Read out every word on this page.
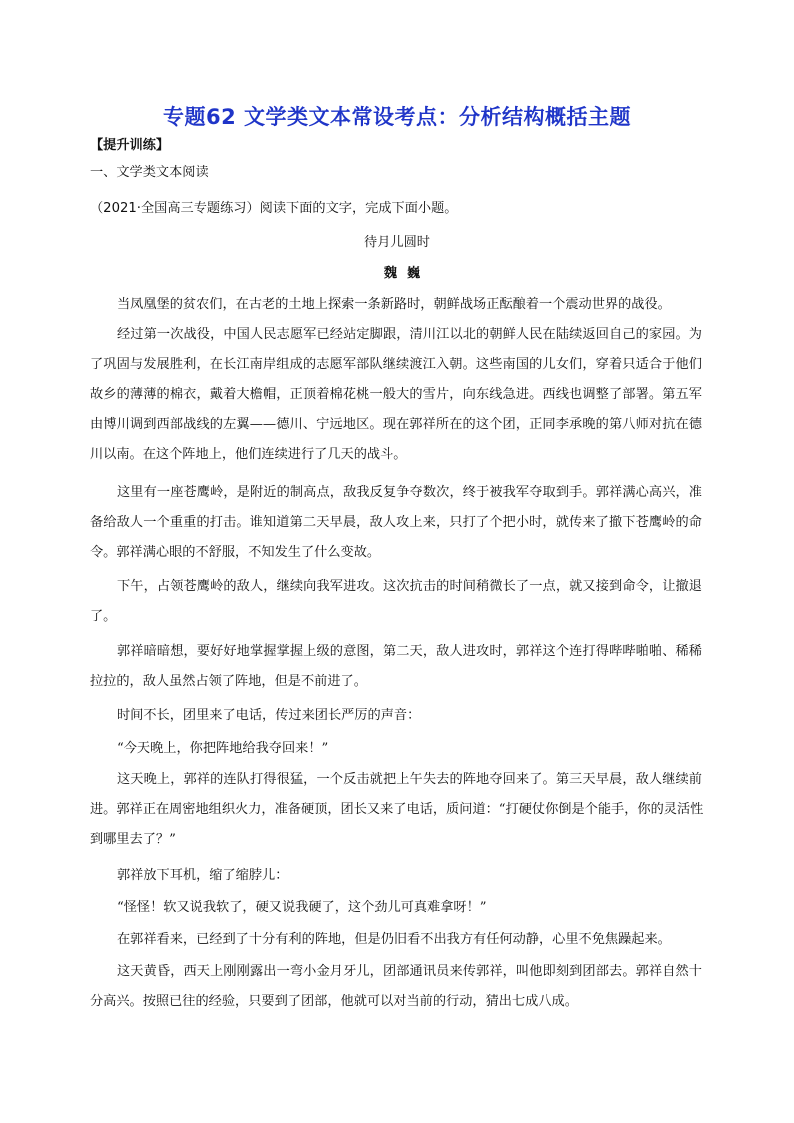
专题62 文学类文本常设考点：分析结构概括主题
【提升训练】
一、文学类文本阅读
（2021·全国高三专题练习）阅读下面的文字，完成下面小题。
待月儿圆时
魏巍
当凤凰堡的贫农们，在古老的土地上探索一条新路时，朝鲜战场正酝酿着一个震动世界的战役。
经过第一次战役，中国人民志愿军已经站定脚跟，清川江以北的朝鲜人民在陆续返回自己的家园。为
了巩固与发展胜利，在长江南岸组成的志愿军部队继续渡江入朝。这些南国的儿女们，穿着只适合于他们
故乡的薄薄的棉衣，戴着大檐帽，正顶着棉花桃一般大的雪片，向东线急进。西线也调整了部署。第五军
由博川调到西部战线的左翼——德川、宁远地区。现在郭祥所在的这个团，正同李承晚的第八师对抗在德
川以南。在这个阵地上，他们连续进行了几天的战斗。
这里有一座苍鹰岭，是附近的制高点，敌我反复争夺数次，终于被我军夺取到手。郭祥满心高兴，准
备给敌人一个重重的打击。谁知道第二天早晨，敌人攻上来，只打了个把小时，就传来了撤下苍鹰岭的命
令。郭祥满心眼的不舒服，不知发生了什么变故。
下午，占领苍鹰岭的敌人，继续向我军进攻。这次抗击的时间稍微长了一点，就又接到命令，让撤退
了。
郭祥暗暗想，要好好地掌握掌握上级的意图，第二天，敌人进攻时，郭祥这个连打得哔哔啪啪、稀稀
拉拉的，敌人虽然占领了阵地，但是不前进了。
时间不长，团里来了电话，传过来团长严厉的声音：
“今天晚上，你把阵地给我夺回来！”
这天晚上，郭祥的连队打得很猛，一个反击就把上午失去的阵地夺回来了。第三天早晨，敌人继续前
进。郭祥正在周密地组织火力，准备硬顶，团长又来了电话，质问道：“打硬仗你倒是个能手，你的灵活性
到哪里去了？”
郭祥放下耳机，缩了缩脖儿：
“怪怪！软又说我软了，硬又说我硬了，这个劲儿可真难拿呀！”
在郭祥看来，已经到了十分有利的阵地，但是仍旧看不出我方有任何动静，心里不免焦躁起来。
这天黄昏，西天上刚刚露出一弯小金月牙儿，团部通讯员来传郭祥，叫他即刻到团部去。郭祥自然十
分高兴。按照已往的经验，只要到了团部，他就可以对当前的行动，猜出七成八成。
